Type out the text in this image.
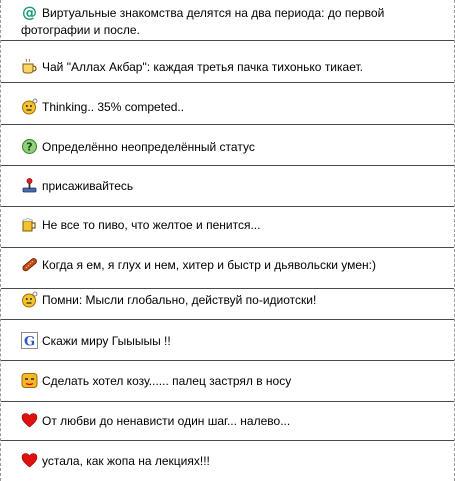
@ Виртуальные знакомства делятся на два периода: до первой фотографии и после.
Чай "Аллах Акбар": каждая третья пачка тихонько тикает.
Thinking.. 35% competed..
? Определённо неопределённый статус
присаживайтесь
Не все то пиво, что желтое и пенится...
Когда я ем, я глух и нем, хитер и быстр и дьявольски умен:)
Помни: Мысли глобально, действуй по-идиотски!
G Скажи миру Гыыыыы !!
Сделать хотел козу...... палец застрял в носу
От любви до ненависти один шаг... налево...
устала, как жопа на лекциях!!!
